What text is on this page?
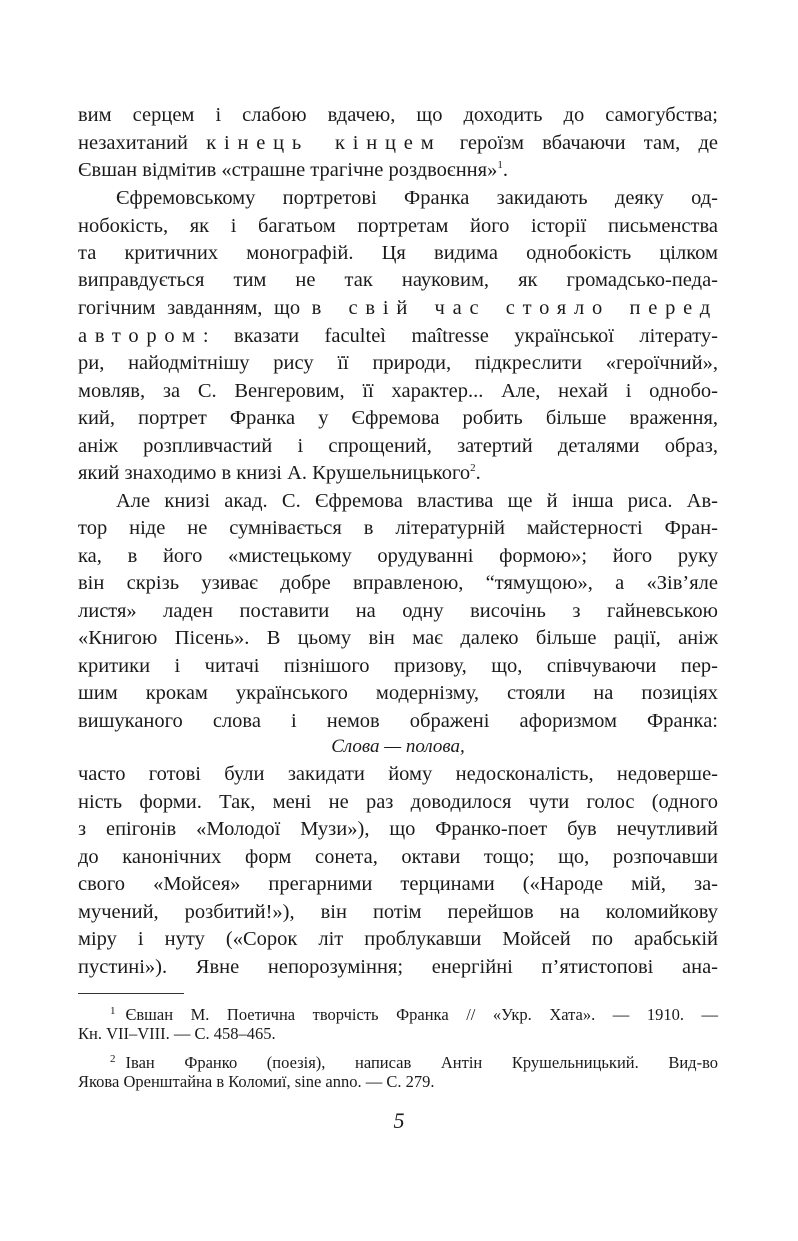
вим серцем і слабою вдачею, що доходить до самогубства;
незахитаний кінець кінцем героїзм вбачаючи там, де
Євшан відмітив «страшне трагічне роздвоєння»$^1$.
Єфремовському портретові Франка закидають деяку од-
нобокість, як і багатьом портретам його історії письменства
та критичних монографій. Ця видима однобокість цілком
виправдується тим не так науковим, як громадсько-педа-
гогічним завданням, що в свій час стояло перед
автором: вказати faculteì maîtresse української літерату-
ри, найодмітнішу рису її природи, підкреслити «героїчний»,
мовляв, за С. Венгеровим, її характер... Але, нехай і однобо-
кий, портрет Франка у Єфремова робить більше враження,
аніж розпливчастий і спрощений, затертий деталями образ,
який знаходимо в книзі А. Крушельницького$^2$.
Але книзі акад. С. Єфремова властива ще й інша риса. Ав-
тор ніде не сумнівається в літературній майстерності Фран-
ка, в його «мистецькому орудуванні формою»; його руку
він скрізь узиває добре вправленою, “тямущою», а «Зів’яле
листя» ладен поставити на одну височінь з гайневською
«Книгою Пісень». В цьому він має далеко більше рації, аніж
критики і читачі пізнішого призову, що, співчуваючи пер-
шим крокам українського модернізму, стояли на позиціях
вишуканого слова і немов ображені афоризмом Франка:
Слова — полова,
часто готові були закидати йому недосконалість, недоверше-
ність форми. Так, мені не раз доводилося чути голос (одного
з епігонів «Молодої Музи»), що Франко-поет був нечутливий
до канонічних форм сонета, октави тощо; що, розпочавши
свого «Мойсея» прегарними терцинами («Народе мій, за-
мучений, розбитий!»), він потім перейшов на коломийкову
міру і нуту («Сорок літ проблукавши Мойсей по арабській
пустині»). Явне непорозуміння; енергійні п’ятистопові ана-
$^1$ Євшан М. Поетична творчість Франка // «Укр. Хата». — 1910. —
Кн. VII–VIII. — С. 458–465.
$^2$ Іван Франко (поезія), написав Антін Крушельницький. Вид-во
Якова Оренштайна в Коломиї, sine anno. — С. 279.
5
